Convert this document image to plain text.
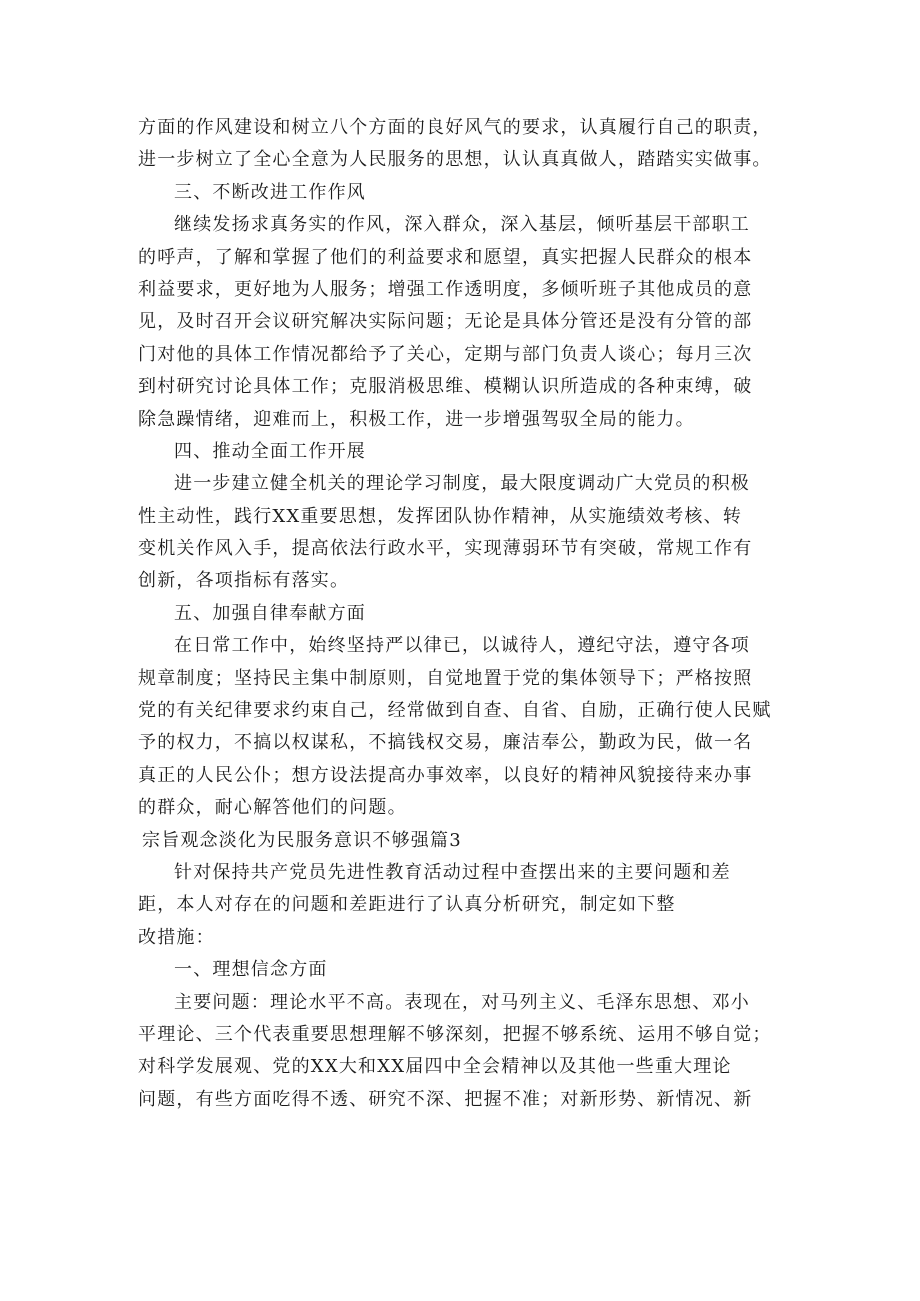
方面的作风建设和树立八个方面的良好风气的要求，认真履行自己的职责，
进一步树立了全心全意为人民服务的思想，认认真真做人，踏踏实实做事。
三、不断改进工作作风
继续发扬求真务实的作风，深入群众，深入基层，倾听基层干部职工
的呼声，了解和掌握了他们的利益要求和愿望，真实把握人民群众的根本
利益要求，更好地为人服务；增强工作透明度，多倾听班子其他成员的意
见，及时召开会议研究解决实际问题；无论是具体分管还是没有分管的部
门对他的具体工作情况都给予了关心，定期与部门负责人谈心；每月三次
到村研究讨论具体工作；克服消极思维、模糊认识所造成的各种束缚，破
除急躁情绪，迎难而上，积极工作，进一步增强驾驭全局的能力。
四、推动全面工作开展
进一步建立健全机关的理论学习制度，最大限度调动广大党员的积极
性主动性，践行XX重要思想，发挥团队协作精神，从实施绩效考核、转
变机关作风入手，提高依法行政水平，实现薄弱环节有突破，常规工作有
创新，各项指标有落实。
五、加强自律奉献方面
在日常工作中，始终坚持严以律已，以诚待人，遵纪守法，遵守各项
规章制度；坚持民主集中制原则，自觉地置于党的集体领导下；严格按照
党的有关纪律要求约束自己，经常做到自查、自省、自励，正确行使人民赋
予的权力，不搞以权谋私，不搞钱权交易，廉洁奉公，勤政为民，做一名
真正的人民公仆；想方设法提高办事效率，以良好的精神风貌接待来办事
的群众，耐心解答他们的问题。
宗旨观念淡化为民服务意识不够强篇3
针对保持共产党员先进性教育活动过程中查摆出来的主要问题和差
距，本人对存在的问题和差距进行了认真分析研究，制定如下整
改措施：
一、理想信念方面
主要问题：理论水平不高。表现在，对马列主义、毛泽东思想、邓小
平理论、三个代表重要思想理解不够深刻，把握不够系统、运用不够自觉；
对科学发展观、党的XX大和XX届四中全会精神以及其他一些重大理论
问题，有些方面吃得不透、研究不深、把握不准；对新形势、新情况、新
